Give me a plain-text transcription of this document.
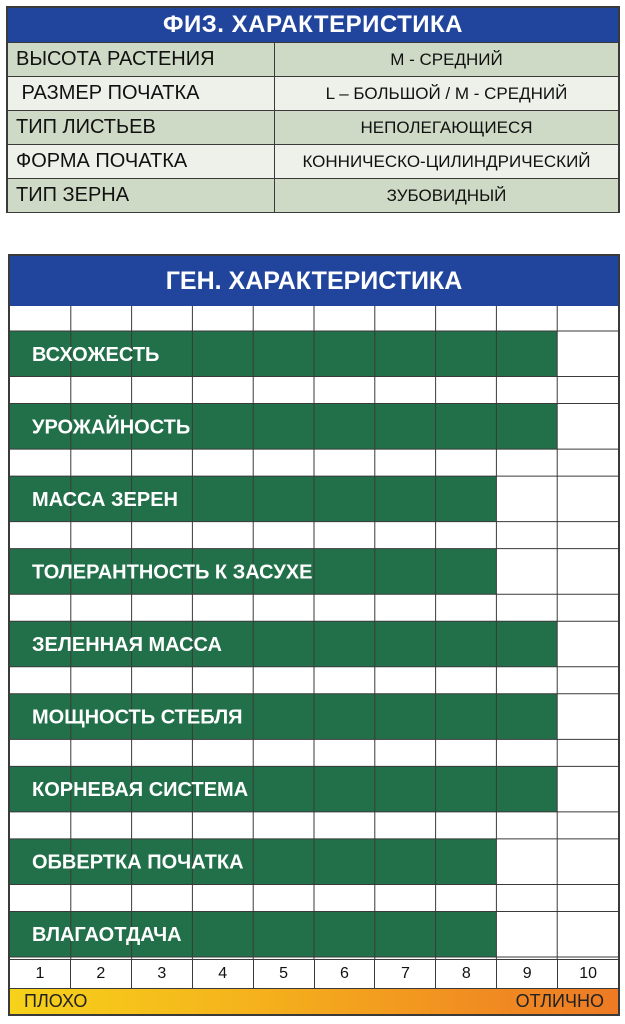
ФИЗ. ХАРАКТЕРИСТИКА
ВЫСОТА РАСТЕНИЯ	M - СРЕДНИЙ
РАЗМЕР ПОЧАТКА	L – БОЛЬШОЙ / M - СРЕДНИЙ
ТИП ЛИСТЬЕВ	НЕПОЛЕГАЮЩИЕСЯ
ФОРМА ПОЧАТКА	КОННИЧЕСКО-ЦИЛИНДРИЧЕСКИЙ
ТИП ЗЕРНА	ЗУБОВИДНЫЙ
ГЕН. ХАРАКТЕРИСТИКА
ВСХОЖЕСТЬ
УРОЖАЙНОСТЬ
МАССА ЗЕРЕН
ТОЛЕРАНТНОСТЬ К ЗАСУХЕ
ЗЕЛЕННАЯ МАССА
МОЩНОСТЬ СТЕБЛЯ
КОРНЕВАЯ СИСТЕМА
ОБВЕРТКА ПОЧАТКА
ВЛАГАОТДАЧА
1	2	3	4	5	6	7	8	9	10
ПЛОХО	ОТЛИЧНО
